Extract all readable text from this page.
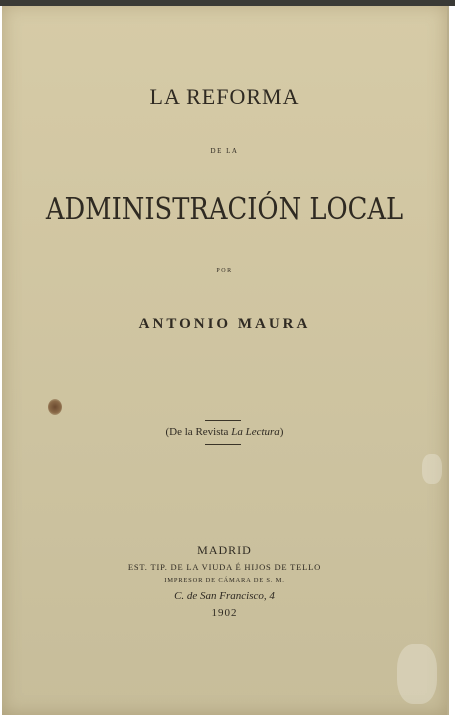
LA REFORMA
DE LA
ADMINISTRACIÓN LOCAL
POR
ANTONIO MAURA
(De la Revista La Lectura)
MADRID
EST. TIP. DE LA VIUDA É HIJOS DE TELLO
IMPRESOR DE CÁMARA DE S. M.
C. de San Francisco, 4
1902
